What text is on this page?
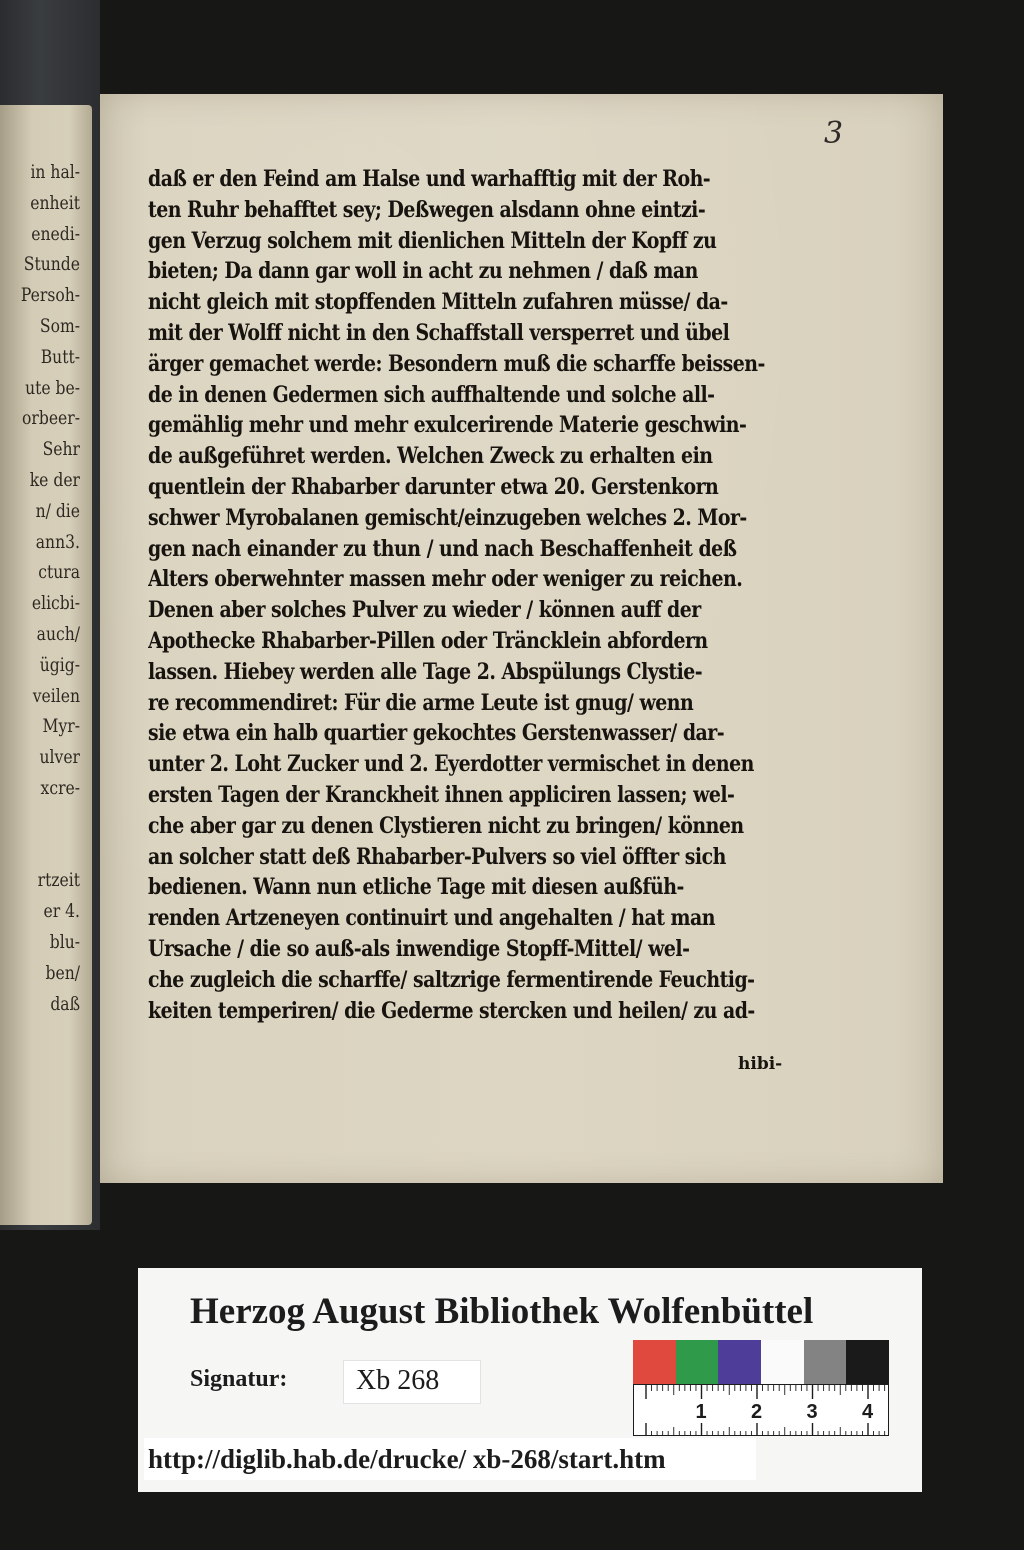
in hal-
enheit
enedi-
Stunde
Persoh-
Som-
Butt-
ute be-
orbeer-
Sehr
ke der
n/ die
ann3.
ctura
elicbi-
auch/
ügig-
veilen
Myr-
ulver
xcre-
rtzeit
er 4.
blu-
ben/
daß
3
daß er den Feind am Halse und warhafftig mit der Roh-
ten Ruhr behafftet sey; Deßwegen alsdann ohne eintzi-
gen Verzug solchem mit dienlichen Mitteln der Kopff zu
bieten; Da dann gar woll in acht zu nehmen / daß man
nicht gleich mit stopffenden Mitteln zufahren müsse/ da-
mit der Wolff nicht in den Schaffstall versperret und übel
ärger gemachet werde: Besondern muß die scharffe beissen-
de in denen Gedermen sich auffhaltende und solche all-
gemählig mehr und mehr exulcerirende Materie geschwin-
de außgeführet werden. Welchen Zweck zu erhalten ein
quentlein der Rhabarber darunter etwa 20. Gerstenkorn
schwer Myrobalanen gemischt/einzugeben welches 2. Mor-
gen nach einander zu thun / und nach Beschaffenheit deß
Alters oberwehnter massen mehr oder weniger zu reichen.
Denen aber solches Pulver zu wieder / können auff der
Apothecke Rhabarber-Pillen oder Träncklein abfordern
lassen. Hiebey werden alle Tage 2. Abspülungs Clystie-
re recommendiret: Für die arme Leute ist gnug/ wenn
sie etwa ein halb quartier gekochtes Gerstenwasser/ dar-
unter 2. Loht Zucker und 2. Eyerdotter vermischet in denen
ersten Tagen der Kranckheit ihnen appliciren lassen; wel-
che aber gar zu denen Clystieren nicht zu bringen/ können
an solcher statt deß Rhabarber-Pulvers so viel öffter sich
bedienen. Wann nun etliche Tage mit diesen außfüh-
renden Artzeneyen continuirt und angehalten / hat man
Ursache / die so auß-als inwendige Stopff-Mittel/ wel-
che zugleich die scharffe/ saltzrige fermentirende Feuchtig-
keiten temperiren/ die Gederme stercken und heilen/ zu ad-
hibi-
Herzog August Bibliothek Wolfenbüttel
Signatur: Xb 268
1 2 3 4
http://diglib.hab.de/drucke/ xb-268/start.htm
